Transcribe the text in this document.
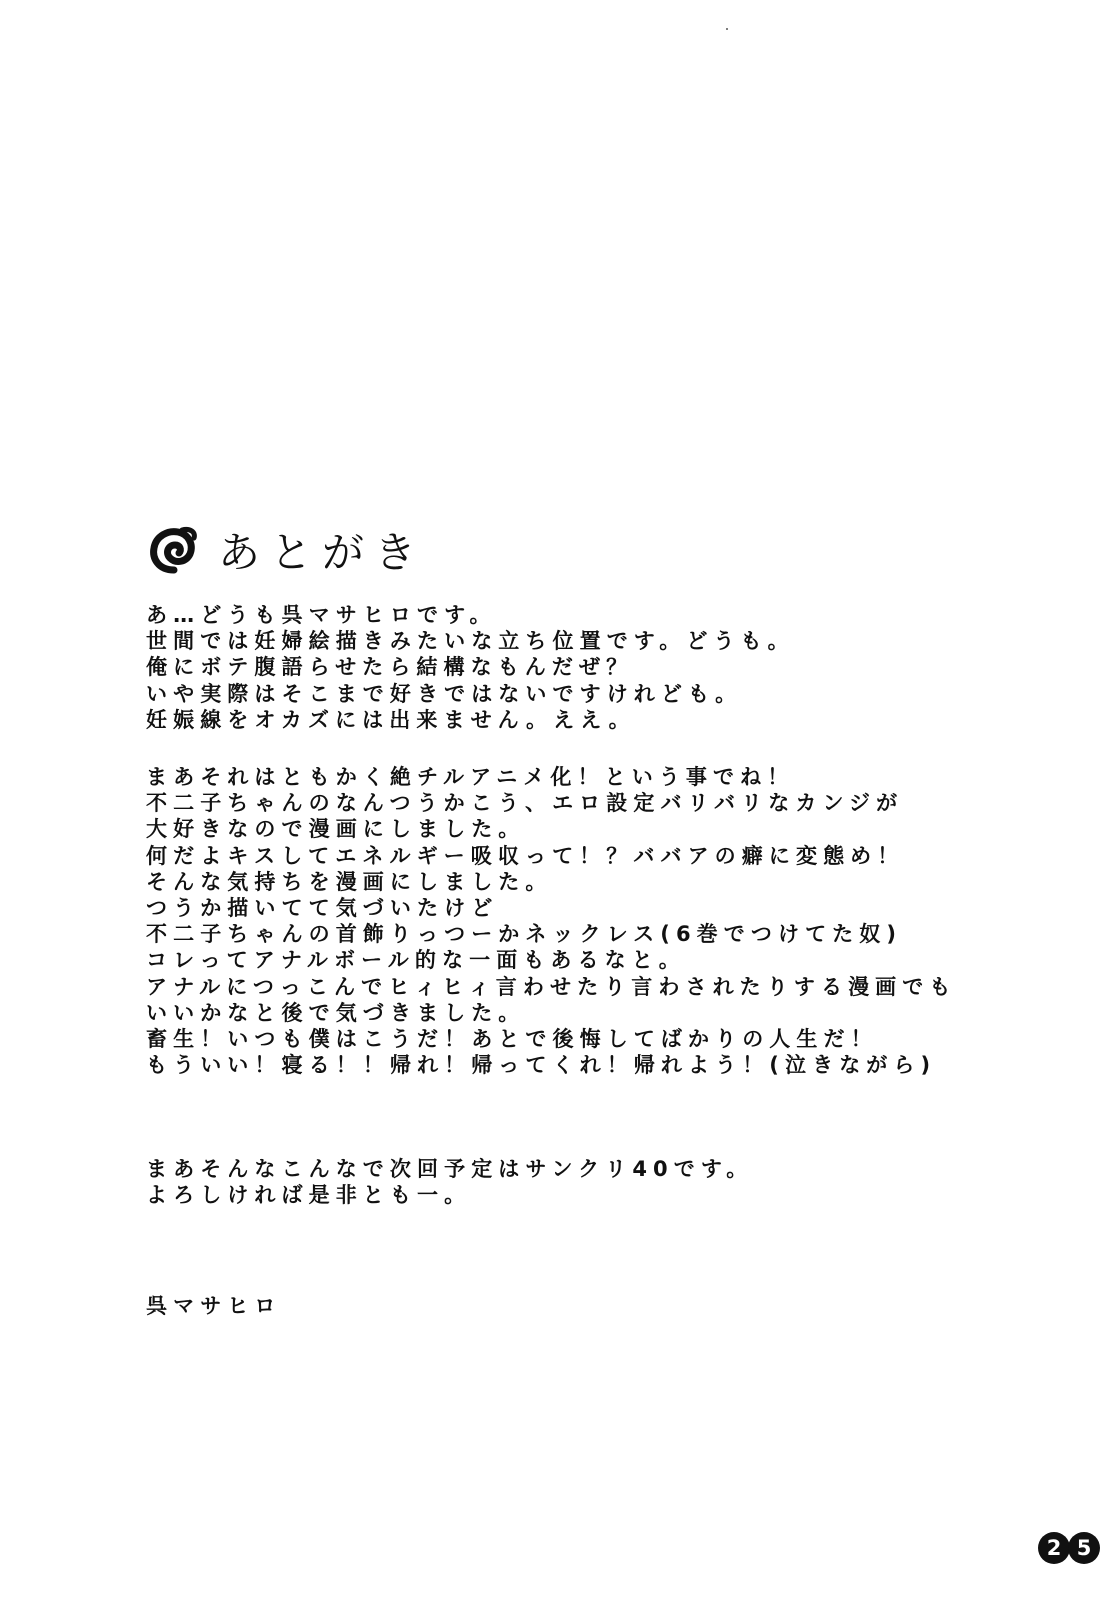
あとがき
あ…どうも呉マサヒロです。
世間では妊婦絵描きみたいな立ち位置です。どうも。
俺にボテ腹語らせたら結構なもんだぜ？
いや実際はそこまで好きではないですけれども。
妊娠線をオカズには出来ません。ええ。
まあそれはともかく絶チルアニメ化！という事でね！
不二子ちゃんのなんつうかこう、エロ設定バリバリなカンジが
大好きなので漫画にしました。
何だよキスしてエネルギー吸収って！？ババアの癖に変態め！
そんな気持ちを漫画にしました。
つうか描いてて気づいたけど
不二子ちゃんの首飾りっつーかネックレス(6巻でつけてた奴)
コレってアナルボール的な一面もあるなと。
アナルにつっこんでヒィヒィ言わせたり言わされたりする漫画でも
いいかなと後で気づきました。
畜生！いつも僕はこうだ！あとで後悔してばかりの人生だ！
もういい！寝る！！帰れ！帰ってくれ！帰れよう！(泣きながら)
まあそんなこんなで次回予定はサンクリ40です。
よろしければ是非とも一。
呉マサヒロ
2 5
